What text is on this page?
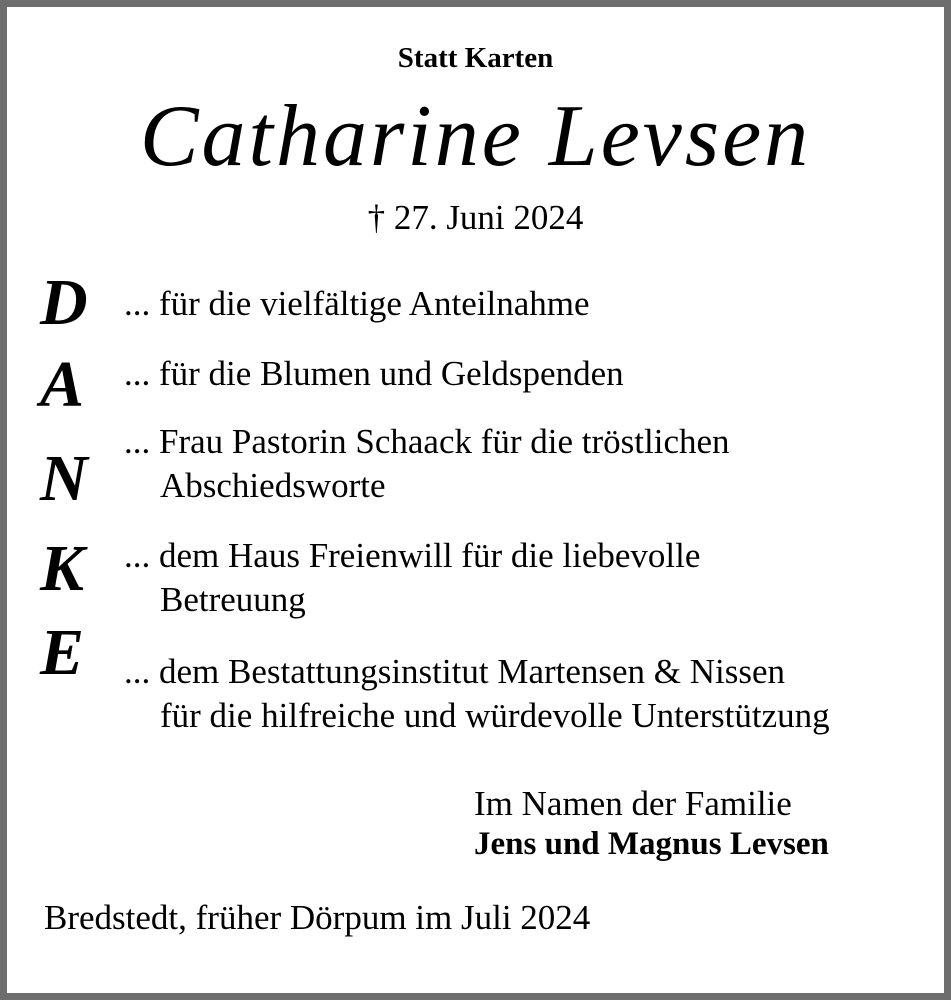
Statt Karten
Catharine Levsen
† 27. Juni 2024
D	... für die vielfältige Anteilnahme
A	... für die Blumen und Geldspenden
N
... Frau Pastorin Schaack für die tröstlichen
Abschiedsworte
K	... dem Haus Freienwill für die liebevolle
Betreuung
E	... dem Bestattungsinstitut Martensen & Nissen
für die hilfreiche und würdevolle Unterstützung
Im Namen der Familie
Jens und Magnus Levsen
Bredstedt, früher Dörpum im Juli 2024
